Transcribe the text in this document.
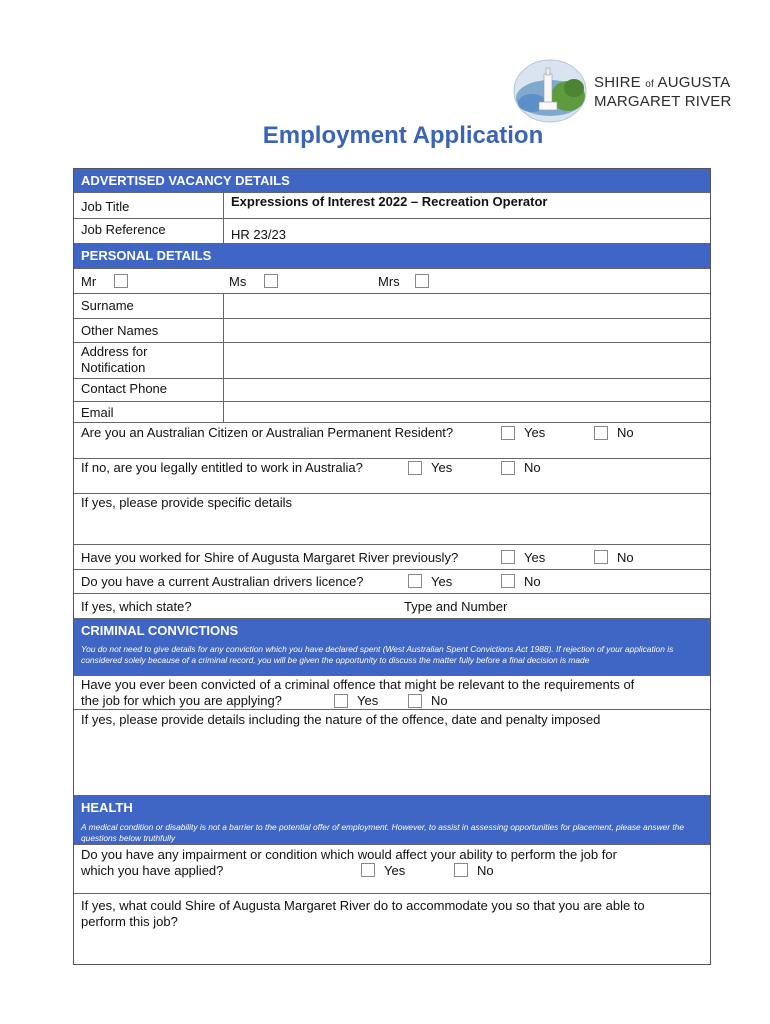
SHIRE of AUGUSTA
MARGARET RIVER
Employment Application
ADVERTISED VACANCY DETAILS
Job Title	Expressions of Interest 2022 – Recreation Operator
Job Reference	HR 23/23
PERSONAL DETAILS
Mr	Ms	Mrs
Surname
Other Names
Address for
Notification
Contact Phone
Email
Are you an Australian Citizen or Australian Permanent Resident?	Yes	No
If no, are you legally entitled to work in Australia?	Yes	No
If yes, please provide specific details
Have you worked for Shire of Augusta Margaret River previously?	Yes	No
Do you have a current Australian drivers licence?	Yes	No
If yes, which state?	Type and Number
CRIMINAL CONVICTIONS
You do not need to give details for any conviction which you have declared spent (West Australian Spent Convictions Act 1988). If rejection of your application is considered solely because of a criminal record, you will be given the opportunity to discuss the matter fully before a final decision is made
Have you ever been convicted of a criminal offence that might be relevant to the requirements of
the job for which you are applying?	Yes	No
If yes, please provide details including the nature of the offence, date and penalty imposed
HEALTH
A medical condition or disability is not a barrier to the potential offer of employment. However, to assist in assessing opportunities for placement, please answer the questions below truthfully
Do you have any impairment or condition which would affect your ability to perform the job for
which you have applied?	Yes	No
If yes, what could Shire of Augusta Margaret River do to accommodate you so that you are able to
perform this job?
